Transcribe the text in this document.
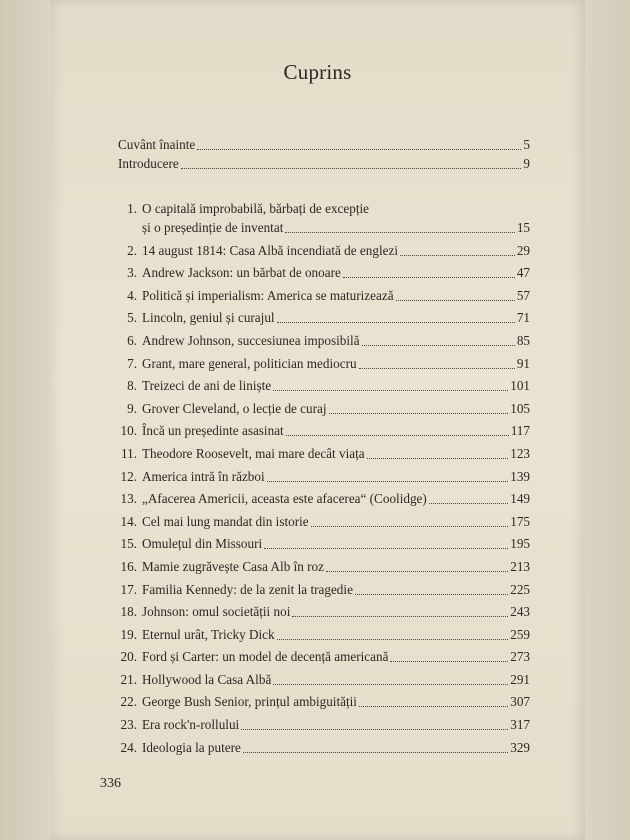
Cuprins
Cuvânt înainte	5
Introducere	9
1. O capitală improbabilă, bărbați de excepție
și o președinție de inventat	15
2. 14 august 1814: Casa Albă incendiată de englezi	29
3. Andrew Jackson: un bărbat de onoare	47
4. Politică și imperialism: America se maturizează	57
5. Lincoln, geniul și curajul	71
6. Andrew Johnson, succesiunea imposibilă	85
7. Grant, mare general, politician mediocru	91
8. Treizeci de ani de liniște	101
9. Grover Cleveland, o lecție de curaj	105
10. Încă un președinte asasinat	117
11. Theodore Roosevelt, mai mare decât viața	123
12. America intră în război	139
13. „Afacerea Americii, aceasta este afacerea“ (Coolidge)	149
14. Cel mai lung mandat din istorie	175
15. Omulețul din Missouri	195
16. Mamie zugrăvește Casa Alb în roz	213
17. Familia Kennedy: de la zenit la tragedie	225
18. Johnson: omul societății noi	243
19. Eternul urât, Tricky Dick	259
20. Ford și Carter: un model de decență americană	273
21. Hollywood la Casa Albă	291
22. George Bush Senior, prințul ambiguității	307
23. Era rock'n-rollului	317
24. Ideologia la putere	329
336
